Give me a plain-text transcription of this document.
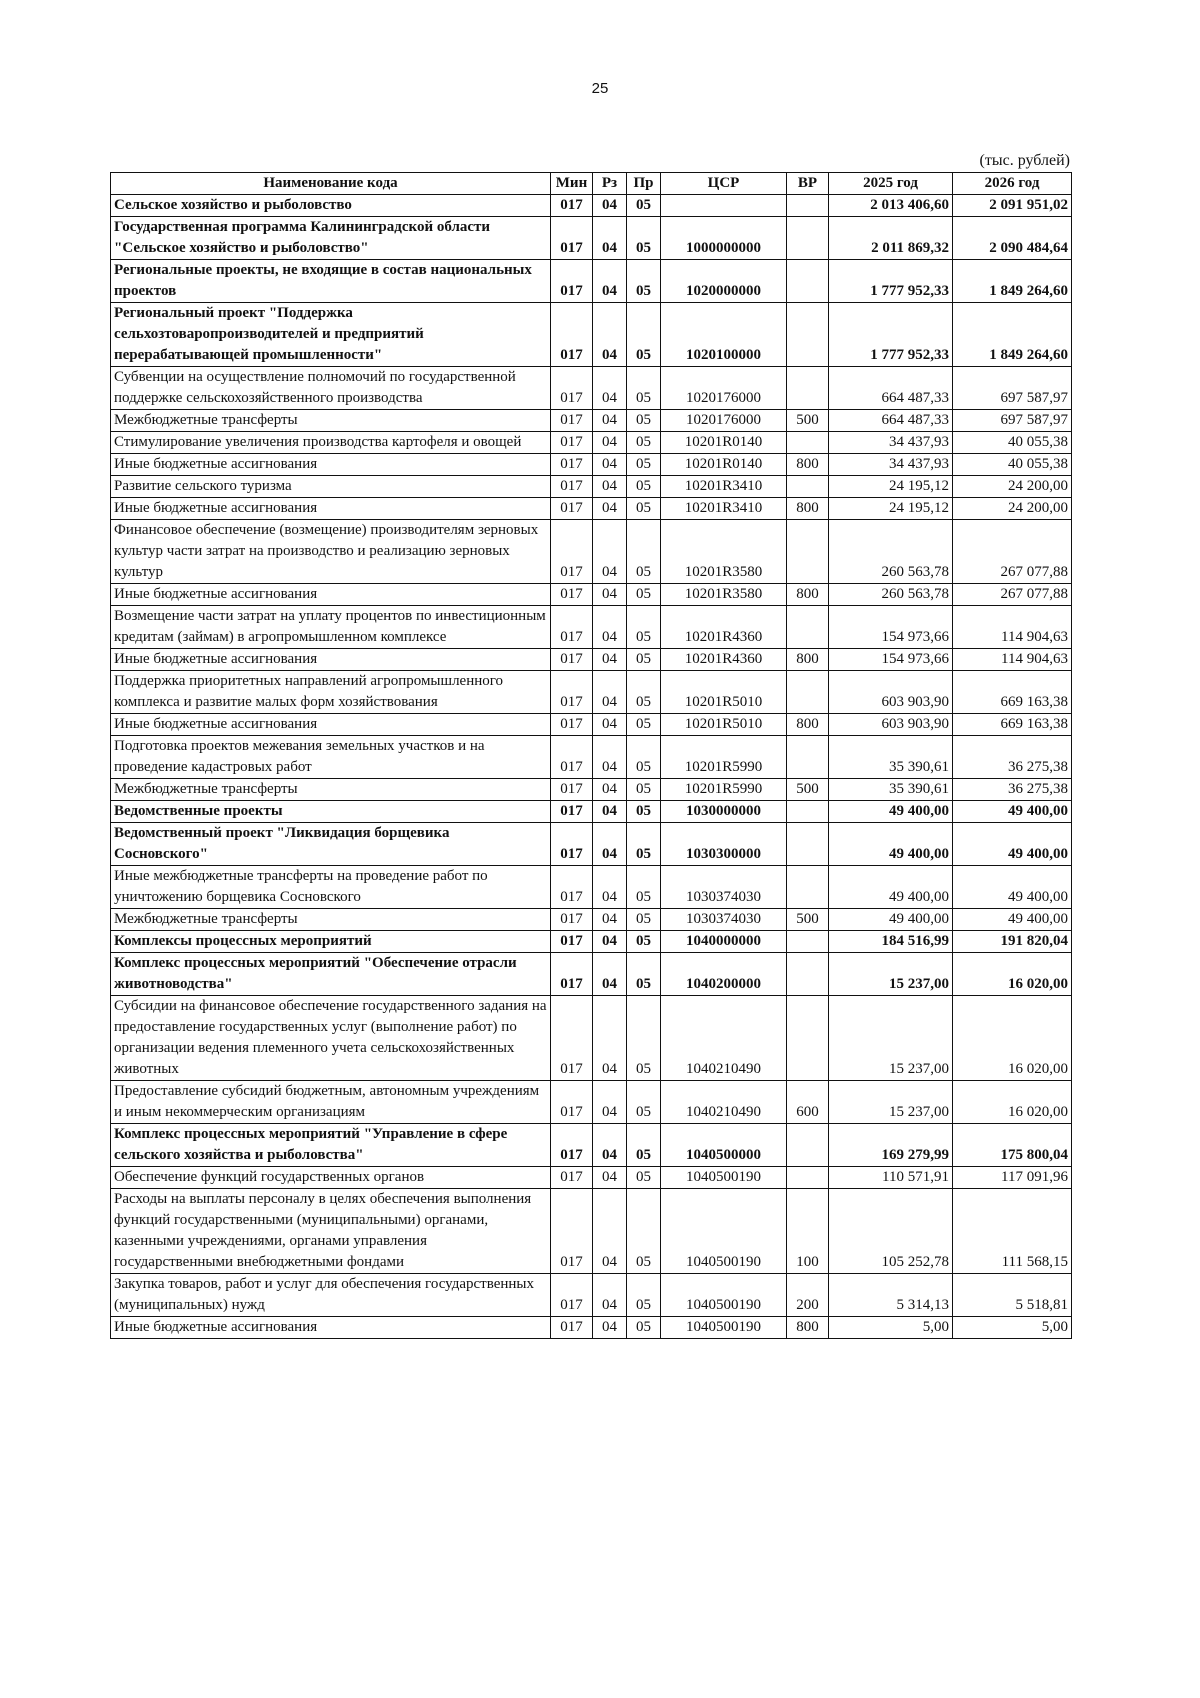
25
(тыс. рублей)
Наименование кода	Мин	Рз	Пр	ЦСР	ВР	2025 год	2026 год
Сельское хозяйство и рыболовство	017	04	05			2 013 406,60	2 091 951,02
Государственная программа Калининградской области "Сельское хозяйство и рыболовство"	017	04	05	1000000000		2 011 869,32	2 090 484,64
Региональные проекты, не входящие в состав национальных проектов	017	04	05	1020000000		1 777 952,33	1 849 264,60
Региональный проект "Поддержка сельхозтоваропроизводителей и предприятий перерабатывающей промышленности"	017	04	05	1020100000		1 777 952,33	1 849 264,60
Субвенции на осуществление полномочий по государственной поддержке сельскохозяйственного производства	017	04	05	1020176000		664 487,33	697 587,97
Межбюджетные трансферты	017	04	05	1020176000	500	664 487,33	697 587,97
Стимулирование увеличения производства картофеля и овощей	017	04	05	10201R0140		34 437,93	40 055,38
Иные бюджетные ассигнования	017	04	05	10201R0140	800	34 437,93	40 055,38
Развитие сельского туризма	017	04	05	10201R3410		24 195,12	24 200,00
Иные бюджетные ассигнования	017	04	05	10201R3410	800	24 195,12	24 200,00
Финансовое обеспечение (возмещение) производителям зерновых культур части затрат на производство и реализацию зерновых культур	017	04	05	10201R3580		260 563,78	267 077,88
Иные бюджетные ассигнования	017	04	05	10201R3580	800	260 563,78	267 077,88
Возмещение части затрат на уплату процентов по инвестиционным кредитам (займам) в агропромышленном комплексе	017	04	05	10201R4360		154 973,66	114 904,63
Иные бюджетные ассигнования	017	04	05	10201R4360	800	154 973,66	114 904,63
Поддержка приоритетных направлений агропромышленного комплекса и развитие малых форм хозяйствования	017	04	05	10201R5010		603 903,90	669 163,38
Иные бюджетные ассигнования	017	04	05	10201R5010	800	603 903,90	669 163,38
Подготовка проектов межевания земельных участков и на проведение кадастровых работ	017	04	05	10201R5990		35 390,61	36 275,38
Межбюджетные трансферты	017	04	05	10201R5990	500	35 390,61	36 275,38
Ведомственные проекты	017	04	05	1030000000		49 400,00	49 400,00
Ведомственный проект "Ликвидация борщевика Сосновского"	017	04	05	1030300000		49 400,00	49 400,00
Иные межбюджетные трансферты на проведение работ по уничтожению борщевика Сосновского	017	04	05	1030374030		49 400,00	49 400,00
Межбюджетные трансферты	017	04	05	1030374030	500	49 400,00	49 400,00
Комплексы процессных мероприятий	017	04	05	1040000000		184 516,99	191 820,04
Комплекс процессных мероприятий "Обеспечение отрасли животноводства"	017	04	05	1040200000		15 237,00	16 020,00
Субсидии на финансовое обеспечение государственного задания на предоставление государственных услуг (выполнение работ) по организации ведения племенного учета сельскохозяйственных животных	017	04	05	1040210490		15 237,00	16 020,00
Предоставление субсидий бюджетным, автономным учреждениям и иным некоммерческим организациям	017	04	05	1040210490	600	15 237,00	16 020,00
Комплекс процессных мероприятий "Управление в сфере сельского хозяйства и рыболовства"	017	04	05	1040500000		169 279,99	175 800,04
Обеспечение функций государственных органов	017	04	05	1040500190		110 571,91	117 091,96
Расходы на выплаты персоналу в целях обеспечения выполнения функций государственными (муниципальными) органами, казенными учреждениями, органами управления государственными внебюджетными фондами	017	04	05	1040500190	100	105 252,78	111 568,15
Закупка товаров, работ и услуг для обеспечения государственных (муниципальных) нужд	017	04	05	1040500190	200	5 314,13	5 518,81
Иные бюджетные ассигнования	017	04	05	1040500190	800	5,00	5,00
